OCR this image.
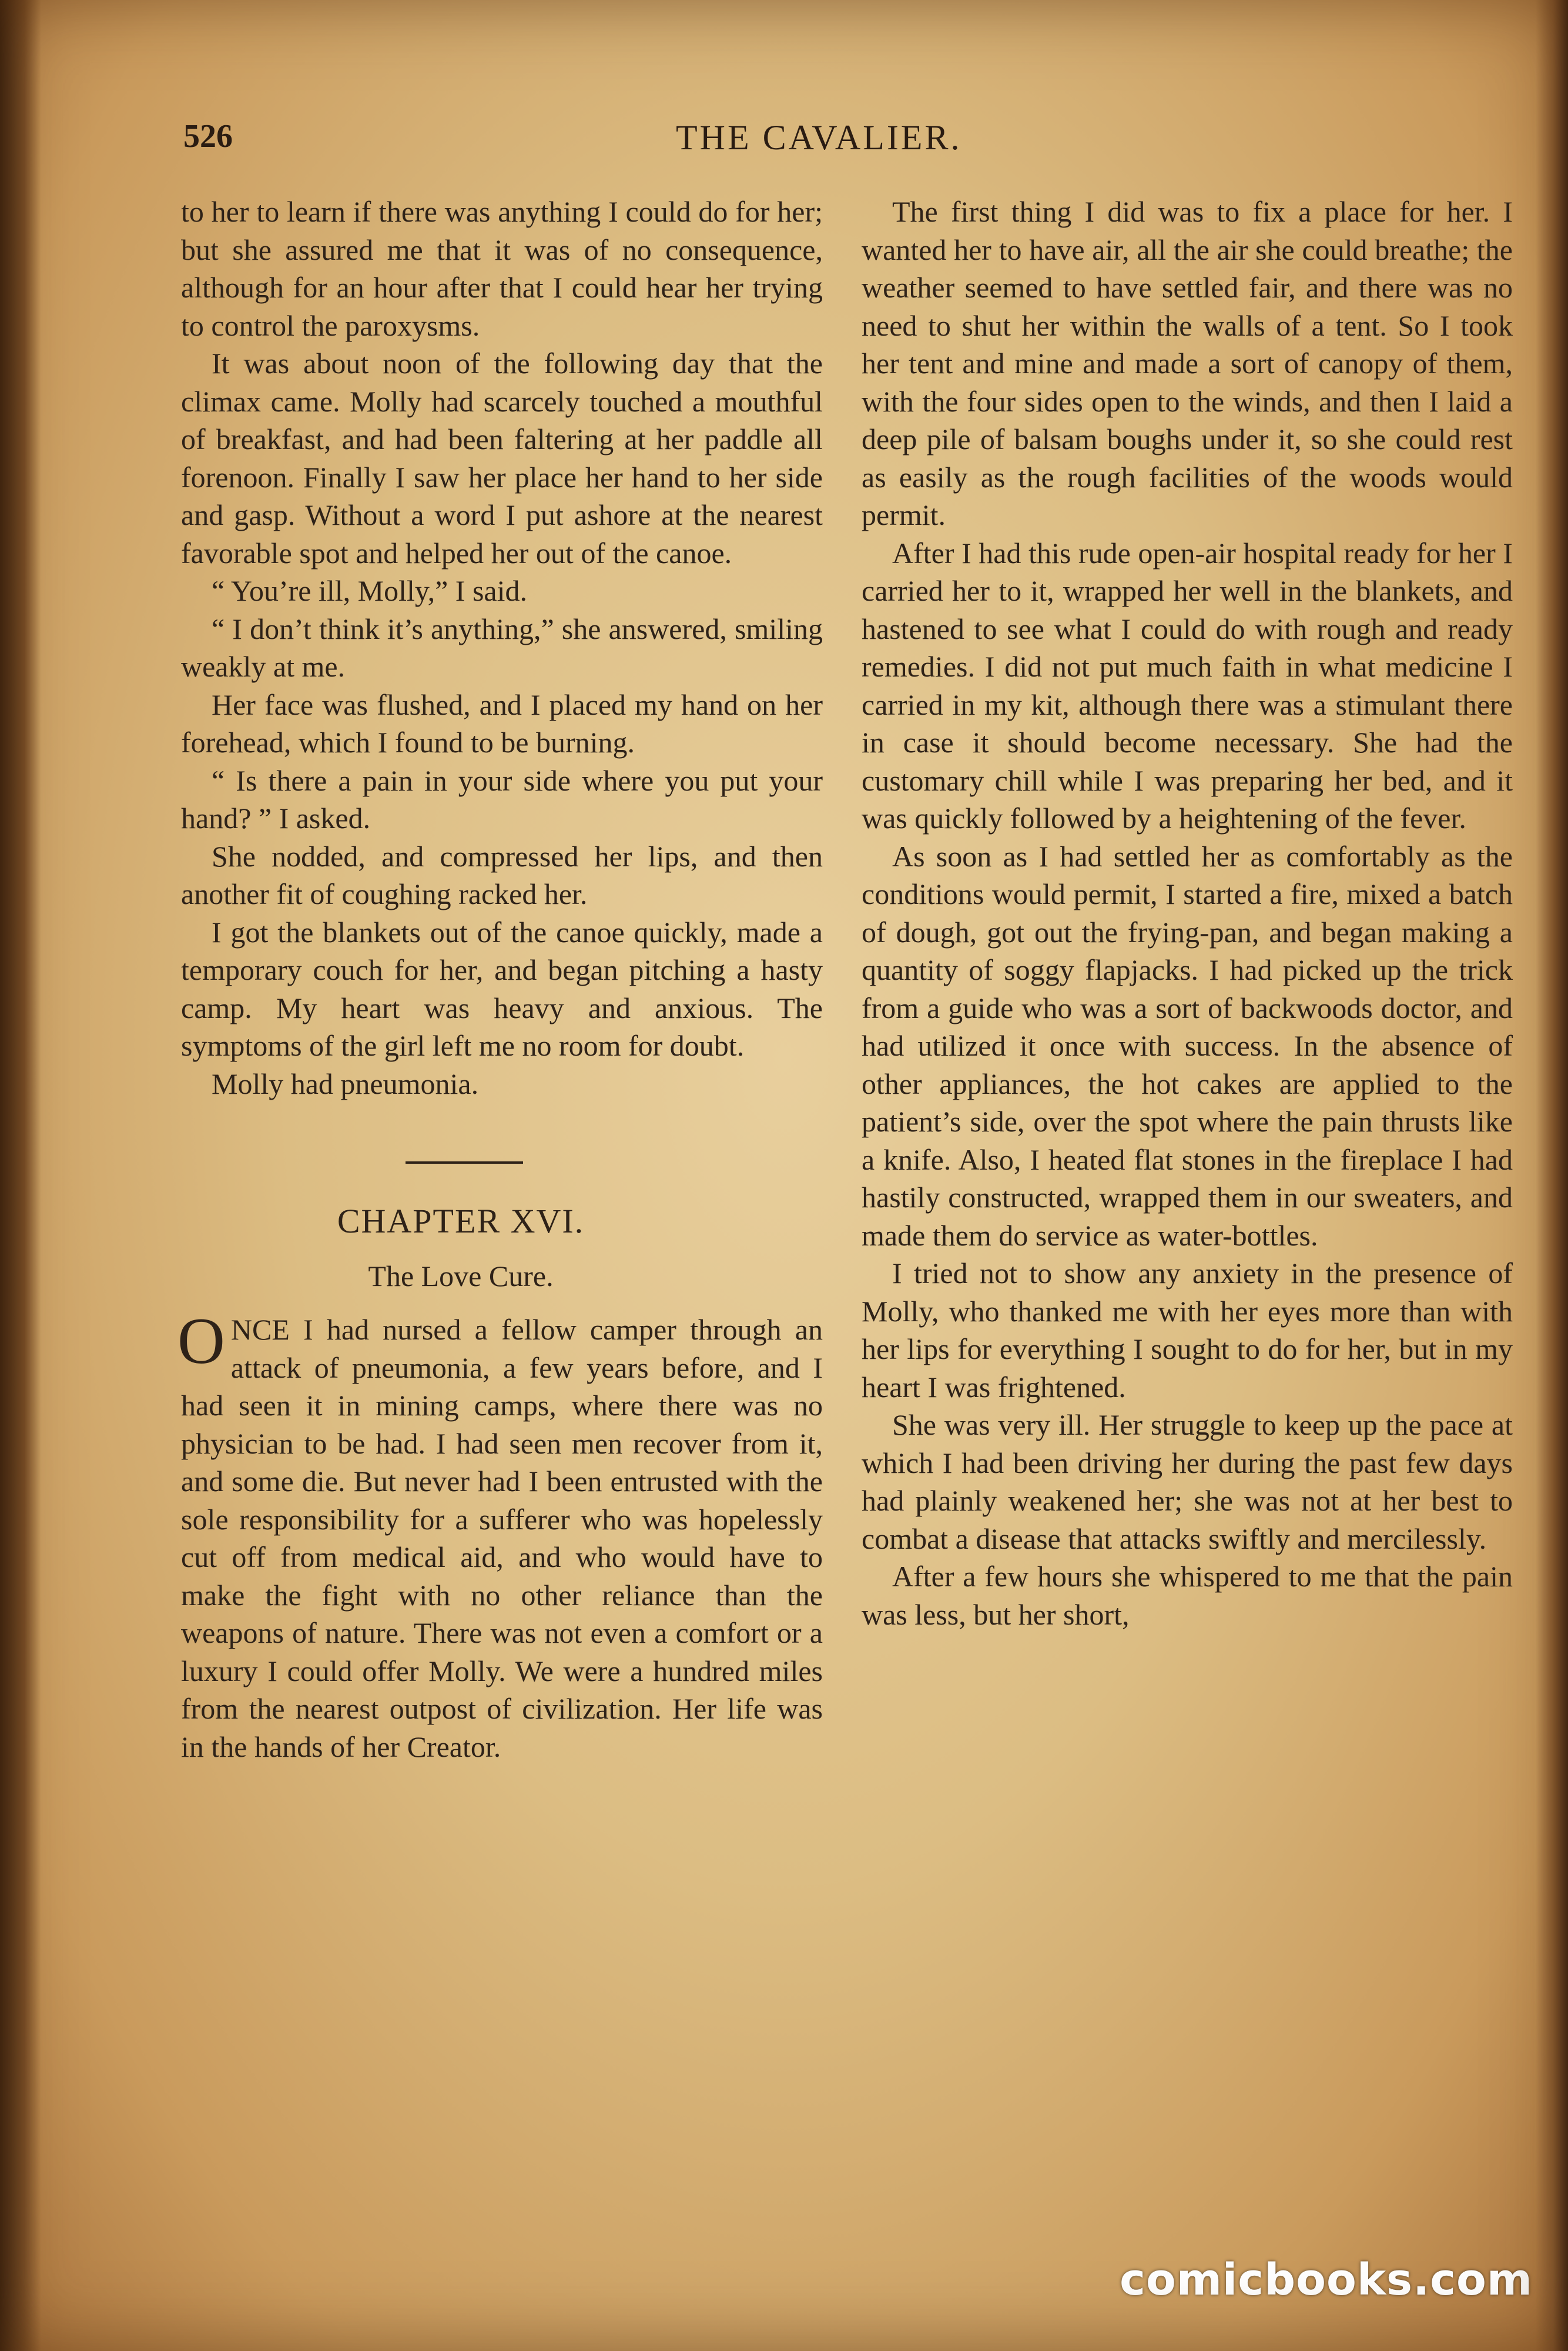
526	THE CAVALIER.

to her to learn if there was anything I could do for her; but she assured me that it was of no consequence, although for an hour after that I could hear her trying to control the paroxysms.

It was about noon of the following day that the climax came. Molly had scarcely touched a mouthful of breakfast, and had been faltering at her paddle all forenoon. Finally I saw her place her hand to her side and gasp. Without a word I put ashore at the nearest favorable spot and helped her out of the canoe.

“ You’re ill, Molly,” I said.

“ I don’t think it’s anything,” she answered, smiling weakly at me.

Her face was flushed, and I placed my hand on her forehead, which I found to be burning.

“ Is there a pain in your side where you put your hand? ” I asked.

She nodded, and compressed her lips, and then another fit of coughing racked her.

I got the blankets out of the canoe quickly, made a temporary couch for her, and began pitching a hasty camp. My heart was heavy and anxious. The symptoms of the girl left me no room for doubt.

Molly had pneumonia.

CHAPTER XVI.
The Love Cure.

ONCE I had nursed a fellow camper through an attack of pneumonia, a few years before, and I had seen it in mining camps, where there was no physician to be had. I had seen men recover from it, and some die. But never had I been entrusted with the sole responsibility for a sufferer who was hopelessly cut off from medical aid, and who would have to make the fight with no other reliance than the weapons of nature. There was not even a comfort or a luxury I could offer Molly. We were a hundred miles from the nearest outpost of civilization. Her life was in the hands of her Creator.

The first thing I did was to fix a place for her. I wanted her to have air, all the air she could breathe; the weather seemed to have settled fair, and there was no need to shut her within the walls of a tent. So I took her tent and mine and made a sort of canopy of them, with the four sides open to the winds, and then I laid a deep pile of balsam boughs under it, so she could rest as easily as the rough facilities of the woods would permit.

After I had this rude open-air hospital ready for her I carried her to it, wrapped her well in the blankets, and hastened to see what I could do with rough and ready remedies. I did not put much faith in what medicine I carried in my kit, although there was a stimulant there in case it should become necessary. She had the customary chill while I was preparing her bed, and it was quickly followed by a heightening of the fever.

As soon as I had settled her as comfortably as the conditions would permit, I started a fire, mixed a batch of dough, got out the frying-pan, and began making a quantity of soggy flapjacks. I had picked up the trick from a guide who was a sort of backwoods doctor, and had utilized it once with success. In the absence of other appliances, the hot cakes are applied to the patient’s side, over the spot where the pain thrusts like a knife. Also, I heated flat stones in the fireplace I had hastily constructed, wrapped them in our sweaters, and made them do service as water-bottles.

I tried not to show any anxiety in the presence of Molly, who thanked me with her eyes more than with her lips for everything I sought to do for her, but in my heart I was frightened.

She was very ill. Her struggle to keep up the pace at which I had been driving her during the past few days had plainly weakened her; she was not at her best to combat a disease that attacks swiftly and mercilessly.

After a few hours she whispered to me that the pain was less, but her short,

comicbooks.com
